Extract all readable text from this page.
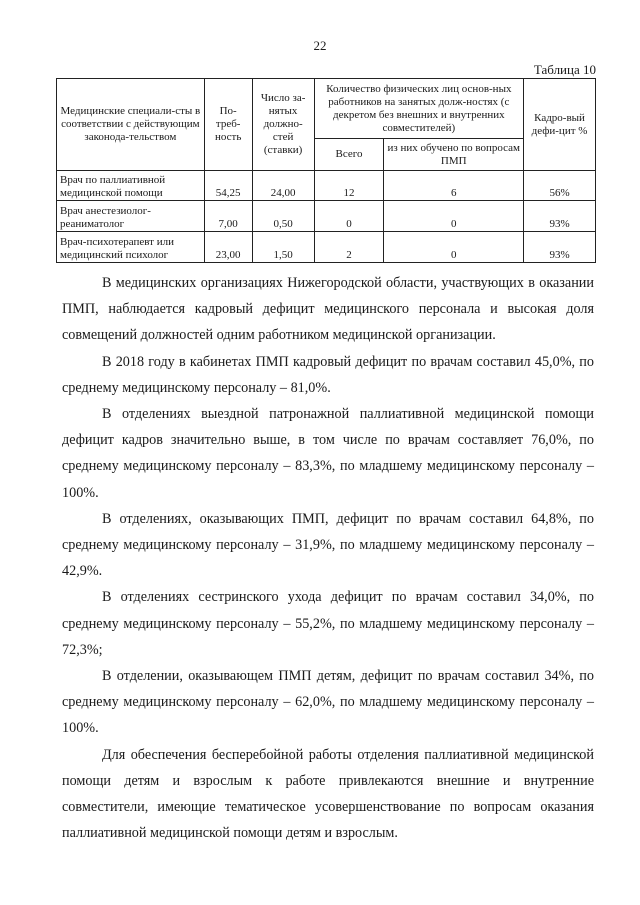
22
Таблица 10
Медицинские специали-сты в соответствии с действующим законода-тельством	По-треб-ность	Число за-нятых должно-стей (ставки)	Количество физических лиц основ-ных работников на занятых долж-ностях (с декретом без внешних и внутренних совместителей)		Кадро-вый дефи-цит %
			Всего	из них обучено по вопросам ПМП	
Врач по паллиативной медицинской помощи	54,25	24,00	12	6	56%
Врач анестезиолог-реаниматолог	7,00	0,50	0	0	93%
Врач-психотерапевт или медицинский психолог	23,00	1,50	2	0	93%

В медицинских организациях Нижегородской области, участвующих в оказании ПМП, наблюдается кадровый дефицит медицинского персонала и высокая доля совмещений должностей одним работником медицинской организации.

В 2018 году в кабинетах ПМП кадровый дефицит по врачам составил 45,0%, по среднему медицинскому персоналу – 81,0%.

В отделениях выездной патронажной паллиативной медицинской помощи дефицит кадров значительно выше, в том числе по врачам составляет 76,0%, по среднему медицинскому персоналу – 83,3%, по младшему медицинскому персоналу – 100%.

В отделениях, оказывающих ПМП, дефицит по врачам составил 64,8%, по среднему медицинскому персоналу – 31,9%, по младшему медицинскому персоналу – 42,9%.

В отделениях сестринского ухода дефицит по врачам составил 34,0%, по среднему медицинскому персоналу – 55,2%, по младшему медицинскому персоналу – 72,3%;

В отделении, оказывающем ПМП детям, дефицит по врачам составил 34%, по среднему медицинскому персоналу – 62,0%, по младшему медицинскому персоналу – 100%.

Для обеспечения бесперебойной работы отделения паллиативной медицинской помощи детям и взрослым к работе привлекаются внешние и внутренние совместители, имеющие тематическое усовершенствование по вопросам оказания паллиативной медицинской помощи детям и взрослым.
